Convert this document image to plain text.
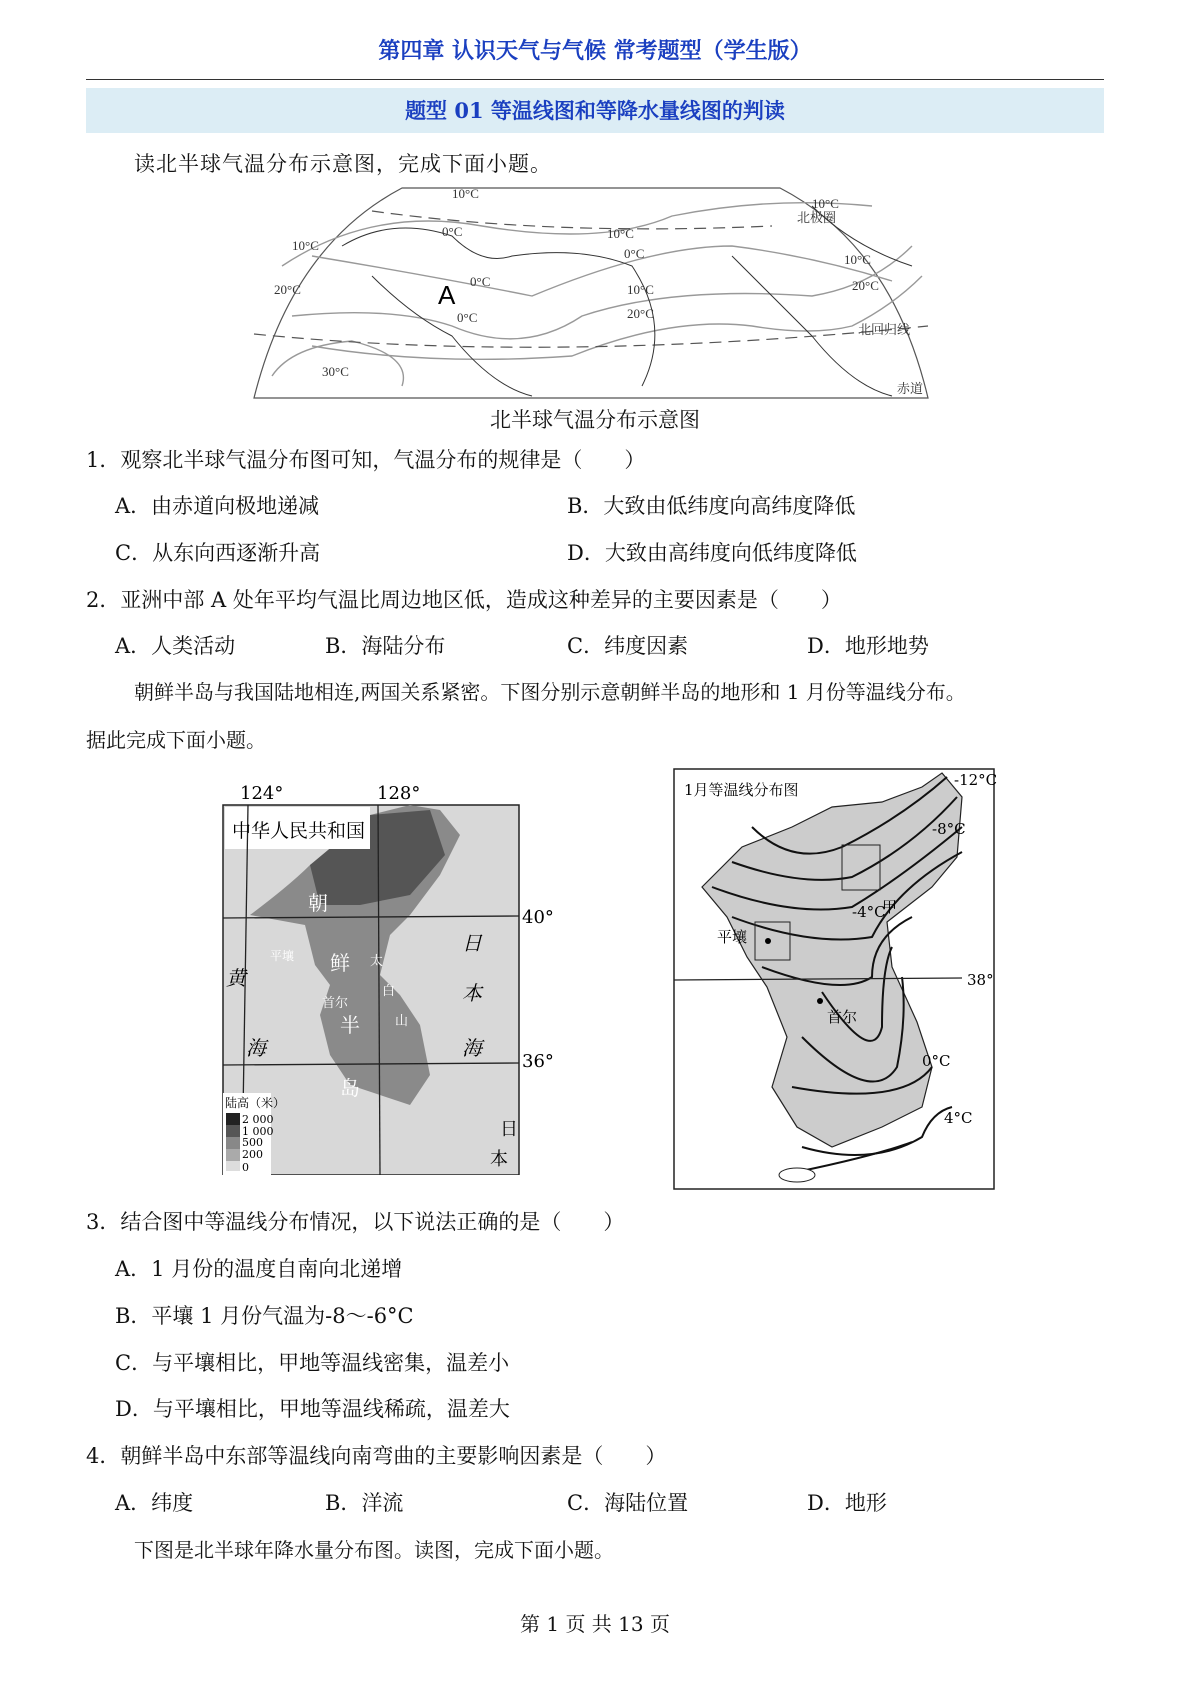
第四章 认识天气与气候 常考题型（学生版）
题型 01 等温线图和等降水量线图的判读
读北半球气温分布示意图，完成下面小题。
A
10°C
0°C	10°C
0°C
0°C
10°C
20°C
0°C
10°C
20°C
10°C
20°C
30°C
10°C
北极圈
北回归线
赤道
北半球气温分布示意图
1．观察北半球气温分布图可知，气温分布的规律是（　　）
A．由赤道向极地递减	B．大致由低纬度向高纬度降低
C．从东向西逐渐升高	D．大致由高纬度向低纬度降低
2．亚洲中部 A 处年平均气温比周边地区低，造成这种差异的主要因素是（　　）
A．人类活动	B．海陆分布	C．纬度因素	D．地形地势
朝鲜半岛与我国陆地相连,两国关系紧密。下图分别示意朝鲜半岛的地形和 1 月份等温线分布。
据此完成下面小题。
124°	128°
40°
36°
中华人民共和国
朝
鲜
半
岛
平壤
首尔
太
白
山
黄
海
日
本
海
日
本
陆高（米）
2 000
1 000
500
200
0
1月等温线分布图
-12°C
-8°C
-4°C
0°C
4°C
38°
甲
平壤
首尔
3．结合图中等温线分布情况，以下说法正确的是（　　）
A．1 月份的温度自南向北递增
B．平壤 1 月份气温为-8～-6°C
C．与平壤相比，甲地等温线密集，温差小
D．与平壤相比，甲地等温线稀疏，温差大
4．朝鲜半岛中东部等温线向南弯曲的主要影响因素是（　　）
A．纬度	B．洋流	C．海陆位置	D．地形
下图是北半球年降水量分布图。读图，完成下面小题。
第 1 页 共 13 页
